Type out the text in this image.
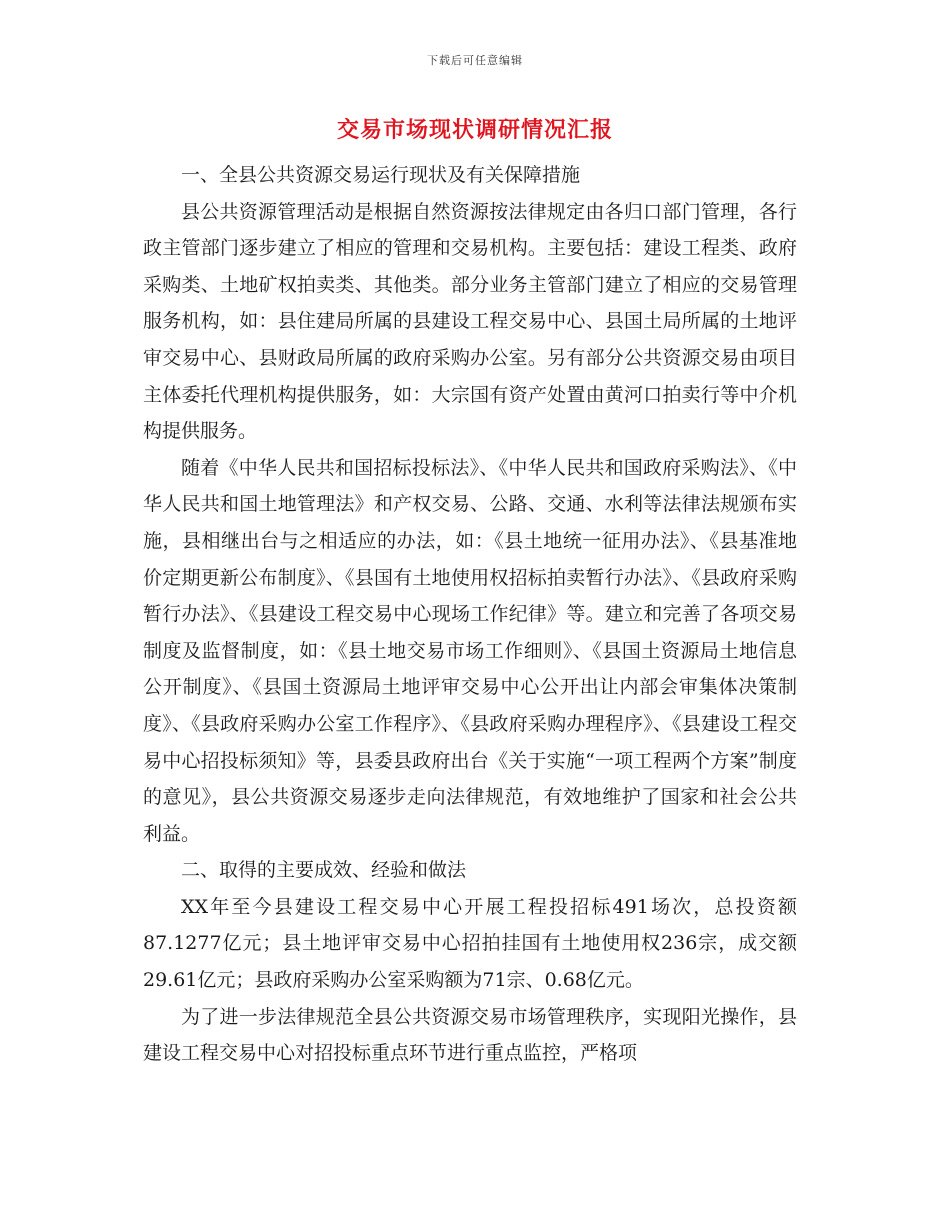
下载后可任意编辑
交易市场现状调研情况汇报

一、全县公共资源交易运行现状及有关保障措施

县公共资源管理活动是根据自然资源按法律规定由各归口部门管理，各行政主管部门逐步建立了相应的管理和交易机构。主要包括：建设工程类、政府采购类、土地矿权拍卖类、其他类。部分业务主管部门建立了相应的交易管理服务机构，如：县住建局所属的县建设工程交易中心、县国土局所属的土地评审交易中心、县财政局所属的政府采购办公室。另有部分公共资源交易由项目主体委托代理机构提供服务，如：大宗国有资产处置由黄河口拍卖行等中介机构提供服务。

随着《中华人民共和国招标投标法》、《中华人民共和国政府采购法》、《中华人民共和国土地管理法》和产权交易、公路、交通、水利等法律法规颁布实施，县相继出台与之相适应的办法，如：《县土地统一征用办法》、《县基准地价定期更新公布制度》、《县国有土地使用权招标拍卖暂行办法》、《县政府采购暂行办法》、《县建设工程交易中心现场工作纪律》等。建立和完善了各项交易制度及监督制度，如：《县土地交易市场工作细则》、《县国土资源局土地信息公开制度》、《县国土资源局土地评审交易中心公开出让内部会审集体决策制度》、《县政府采购办公室工作程序》、《县政府采购办理程序》、《县建设工程交易中心招投标须知》等，县委县政府出台《关于实施“一项工程两个方案”制度的意见》，县公共资源交易逐步走向法律规范，有效地维护了国家和社会公共利益。

二、取得的主要成效、经验和做法

XX年至今县建设工程交易中心开展工程投招标491场次，总投资额87.1277亿元；县土地评审交易中心招拍挂国有土地使用权236宗，成交额29.61亿元；县政府采购办公室采购额为71宗、0.68亿元。

为了进一步法律规范全县公共资源交易市场管理秩序，实现阳光操作，县建设工程交易中心对招投标重点环节进行重点监控，严格项
